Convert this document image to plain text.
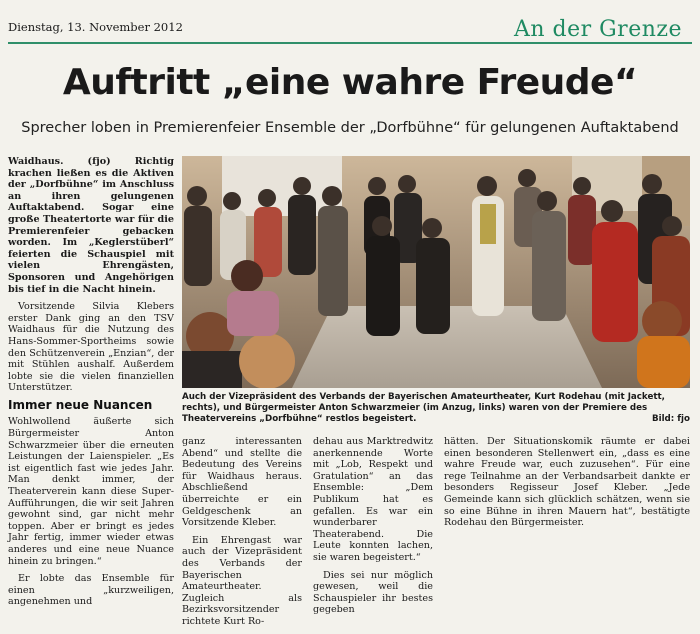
Dienstag, 13. November 2012	An der Grenze
Auftritt „eine wahre Freude“
Sprecher loben in Premierenfeier Ensemble der „Dorfbühne“ für gelungenen Auftaktabend

Waidhaus. (fjo) Richtig krachen ließen es die Aktiven der „Dorfbühne“ im Anschluss an ihren gelungenen Auftaktabend. Sogar eine große Theatertorte war für die Premierenfeier gebacken worden. Im „Keglerstüberl“ feierten die Schauspiel mit vielen Ehrengästen, Sponsoren und Angehörigen bis tief in die Nacht hinein.

Vorsitzende Silvia Klebers erster Dank ging an den TSV Waidhaus für die Nutzung des Hans-Sommer-Sportheims sowie den Schützenverein „Enzian“, der mit Stühlen aushalf. Außerdem lobte sie die vielen finanziellen Unterstützer.

Immer neue Nuancen

Wohlwollend äußerte sich Bürgermeister Anton Schwarzmeier über die erneuten Leistungen der Laienspieler. „Es ist eigentlich fast wie jedes Jahr. Man denkt immer, der Theaterverein kann diese Super-Aufführungen, die wir seit Jahren gewohnt sind, gar nicht mehr toppen. Aber er bringt es jedes Jahr fertig, immer wieder etwas anderes und eine neue Nuance hinein zu bringen.“

Er lobte das Ensemble für einen „kurzweiligen, angenehmen und

Auch der Vizepräsident des Verbands der Bayerischen Amateurtheater, Kurt Rodehau (mit Jackett, rechts), und Bürgermeister Anton Schwarzmeier (im Anzug, links) waren von der Premiere des Theatervereins „Dorfbühne“ restlos begeistert.	Bild: fjo

ganz interessanten Abend“ und stellte die Bedeutung des Vereins für Waidhaus heraus. Abschließend überreichte er ein Geldgeschenk an Vorsitzende Kleber.

Ein Ehrengast war auch der Vizepräsident des Verbands der Bayerischen Amateurtheater. Zugleich als Bezirksvorsitzender richtete Kurt Ro-

dehau aus Marktredwitz anerkennende Worte mit „Lob, Respekt und Gratulation“ an das Ensemble: „Dem Publikum hat es gefallen. Es war ein wunderbarer Theaterabend. Die Leute konnten lachen, sie waren begeistert.“

Dies sei nur möglich gewesen, weil die Schauspieler ihr bestes gegeben

hätten. Der Situationskomik räumte er dabei einen besonderen Stellenwert ein, „dass es eine wahre Freude war, euch zuzusehen“. Für eine rege Teilnahme an der Verbandsarbeit dankte er besonders Regisseur Josef Kleber. „Jede Gemeinde kann sich glücklich schätzen, wenn sie so eine Bühne in ihren Mauern hat“, bestätigte Rodehau den Bürgermeister.
